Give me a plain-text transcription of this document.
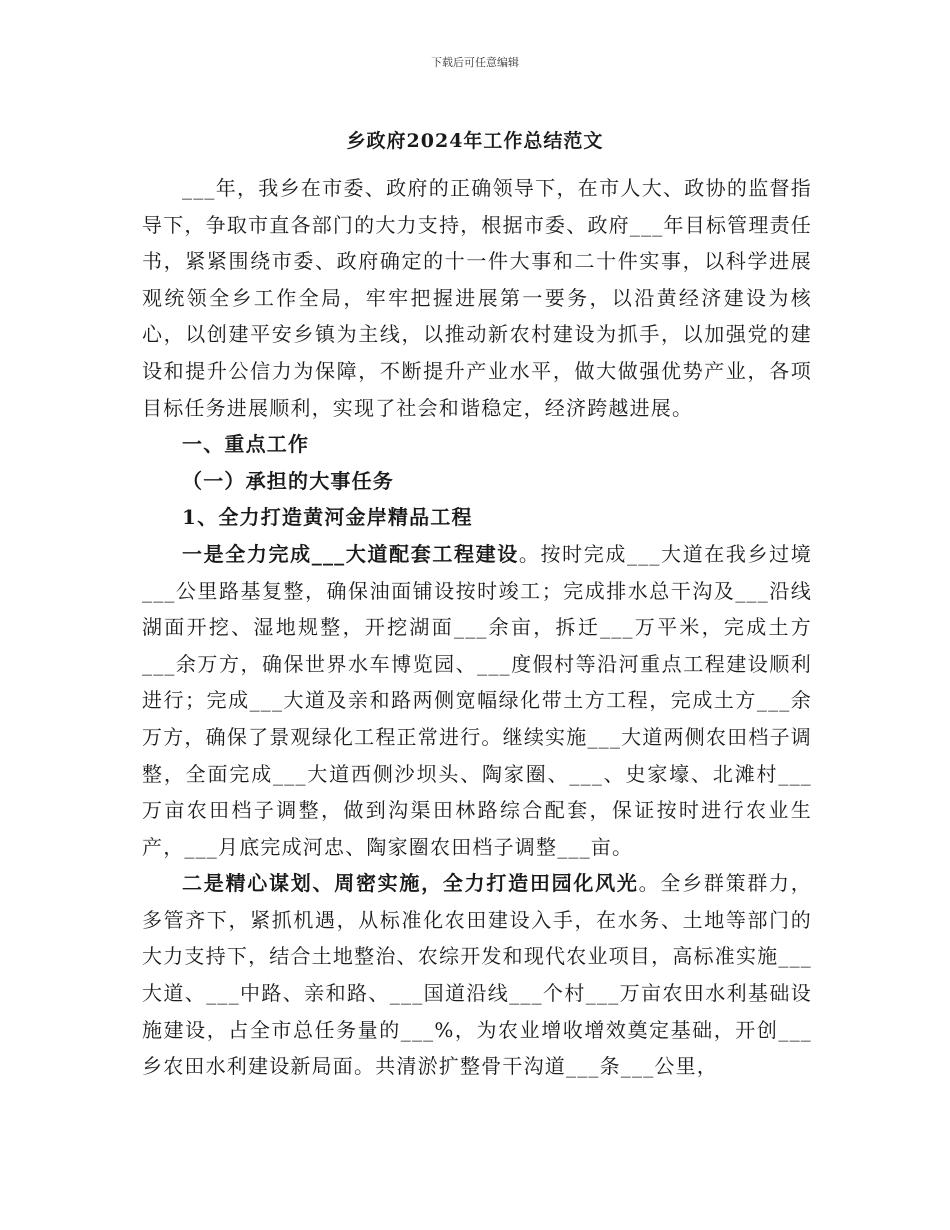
下载后可任意编辑
乡政府2024年工作总结范文

___年，我乡在市委、政府的正确领导下，在市人大、政协的监督指导下，争取市直各部门的大力支持，根据市委、政府___年目标管理责任书，紧紧围绕市委、政府确定的十一件大事和二十件实事，以科学进展观统领全乡工作全局，牢牢把握进展第一要务，以沿黄经济建设为核心，以创建平安乡镇为主线，以推动新农村建设为抓手，以加强党的建设和提升公信力为保障，不断提升产业水平，做大做强优势产业，各项目标任务进展顺利，实现了社会和谐稳定，经济跨越进展。

一、重点工作

（一）承担的大事任务

1、全力打造黄河金岸精品工程

一是全力完成___大道配套工程建设。按时完成___大道在我乡过境___公里路基复整，确保油面铺设按时竣工；完成排水总干沟及___沿线湖面开挖、湿地规整，开挖湖面___余亩，拆迁___万平米，完成土方___余万方，确保世界水车博览园、___度假村等沿河重点工程建设顺利进行；完成___大道及亲和路两侧宽幅绿化带土方工程，完成土方___余万方，确保了景观绿化工程正常进行。继续实施___大道两侧农田档子调整，全面完成___大道西侧沙坝头、陶家圈、___、史家壕、北滩村___万亩农田档子调整，做到沟渠田林路综合配套，保证按时进行农业生产，___月底完成河忠、陶家圈农田档子调整___亩。

二是精心谋划、周密实施，全力打造田园化风光。全乡群策群力，多管齐下，紧抓机遇，从标准化农田建设入手，在水务、土地等部门的大力支持下，结合土地整治、农综开发和现代农业项目，高标准实施___大道、___中路、亲和路、___国道沿线___个村___万亩农田水利基础设施建设，占全市总任务量的___%，为农业增收增效奠定基础，开创___乡农田水利建设新局面。共清淤扩整骨干沟道___条___公里，
